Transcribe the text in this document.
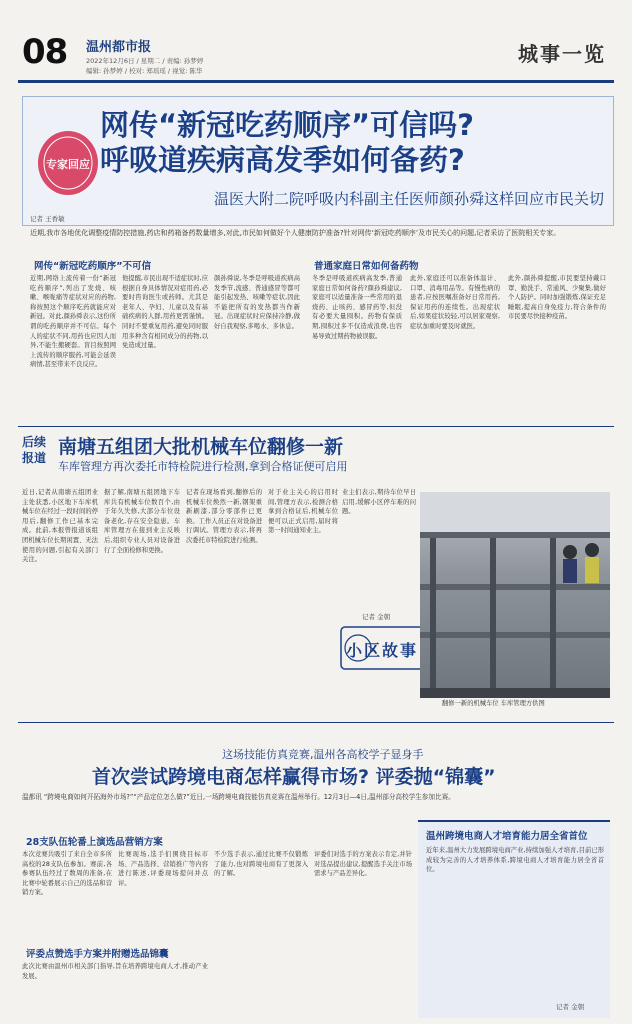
08 温州都市报
2022年12月6日 / 星期二 / 责编: 孙梦婷
编辑: 孙梦婷 / 校对: 郑瑶瑶 / 视觉: 陈华
城事一览
专家回应
网传“新冠吃药顺序”可信吗?
呼吸道疾病高发季如何备药?
温医大附二院呼吸内科副主任医师颜孙舜这样回应市民关切
记者 王香敏
近期,我市各地优化调整疫情防控措施,药店和药箱备药数量增多,对此,市民如何做好个人健康防护准备?针对网传‘新冠吃药顺序’及市民关心的问题,记者采访了医院相关专家。
网传“新冠吃药顺序”不可信	普通家庭日常如何备药物
近期,网络上流传着一份“新冠吃药顺序”,列出了发烧、咳嗽、喉咙痛等症状对应的药物,称按照这个顺序吃药就能应对新冠。对此,颜孙舜表示,这份所谓的吃药顺序并不可信。每个人的症状不同,用药也应因人而异,不能生搬硬套。盲目按照网上流传的顺序服药,可能会延误病情,甚至带来不良反应。
他提醒,市民出现不适症状时,应根据自身具体情况对症用药,必要时咨询医生或药师。尤其是老年人、孕妇、儿童以及有基础疾病的人群,用药更需谨慎。同时不要重复用药,避免同时服用多种含有相同成分的药物,以免造成过量。
颜孙舜说,冬季是呼吸道疾病高发季节,流感、普通感冒等都可能引起发热、咳嗽等症状,因此不能把所有的发热都当作新冠。出现症状时应保持冷静,做好自我观察,多喝水、多休息。
冬季是呼吸道疾病高发季,普通家庭日常如何备药?颜孙舜建议,家庭可以适量准备一些常用的退烧药、止咳药、感冒药等,但没有必要大量囤积。药物有保质期,囤积过多不仅造成浪费,也容易导致过期药物被误服。
此外,家庭还可以准备体温计、口罩、消毒用品等。有慢性病的患者,应按医嘱准备好日常用药,保证用药的连续性。出现症状后,如果症状较轻,可以居家观察,症状加重时要及时就医。
此外,颜孙舜提醒,市民要坚持戴口罩、勤洗手、常通风、少聚集,做好个人防护。同时加强锻炼,保证充足睡眠,提高自身免疫力,符合条件的市民要尽快接种疫苗。
后续
报道 南塘五组团大批机械车位翻修一新
车库管理方再次委托市特检院进行检测,拿到合格证便可启用
近日,记者从南塘五组团业主处获悉,小区地下车库机械车位在经过一段时间的停用后,翻修工作已基本完成。此前,本报曾报道该组团机械车位长期闲置、无法使用的问题,引起有关部门关注。
据了解,南塘五组团地下车库共有机械车位数百个,由于年久失修,大部分车位设备老化,存在安全隐患。车库管理方在接到业主反映后,组织专业人员对设备进行了全面检修和更换。
记者在现场看到,翻修后的机械车位焕然一新,钢架重新刷漆,部分零部件已更换。工作人员正在对设备进行调试。管理方表示,将再次委托市特检院进行检测。
对于业主关心的启用时间,管理方表示,检测合格拿到合格证后,机械车位便可以正式启用,届时将第一时间通知业主。
业主们表示,期待车位早日启用,缓解小区停车难的问题。
记者 金朝
小区故事
翻修一新的机械车位 车库管理方供图
这场技能仿真竞赛,温州各高校学子显身手
首次尝试跨境电商怎样赢得市场? 评委抛“锦囊”
温都讯 “跨境电商如何开拓海外市场?”“产品定位怎么做?”近日,一场跨境电商技能仿真竞赛在温州举行。12月3日—4日,温州部分高校学生参加比赛。
28支队伍轮番上演选品营销方案
本次竞赛共吸引了来自全市多所高校的28支队伍参加。赛前,各参赛队伍经过了数周的准备,在比赛中轮番展示自己的选品和营销方案。
比赛现场,选手们围绕目标市场、产品选择、营销推广等内容进行陈述,评委现场提问并点评。
不少选手表示,通过比赛不仅锻炼了能力,也对跨境电商有了更深入的了解。
评委们对选手的方案表示肯定,并针对选品提出建议,提醒选手关注市场需求与产品差异化。
评委点赞选手方案并附赠选品锦囊
此次比赛由温州市相关部门指导,旨在培养跨境电商人才,推动产业发展。
温州跨境电商人才培育能力居全省首位
近年来,温州大力发展跨境电商产业,持续加强人才培育,目前已形成较为完善的人才培养体系,跨境电商人才培育能力居全省首位。
记者 金朝
